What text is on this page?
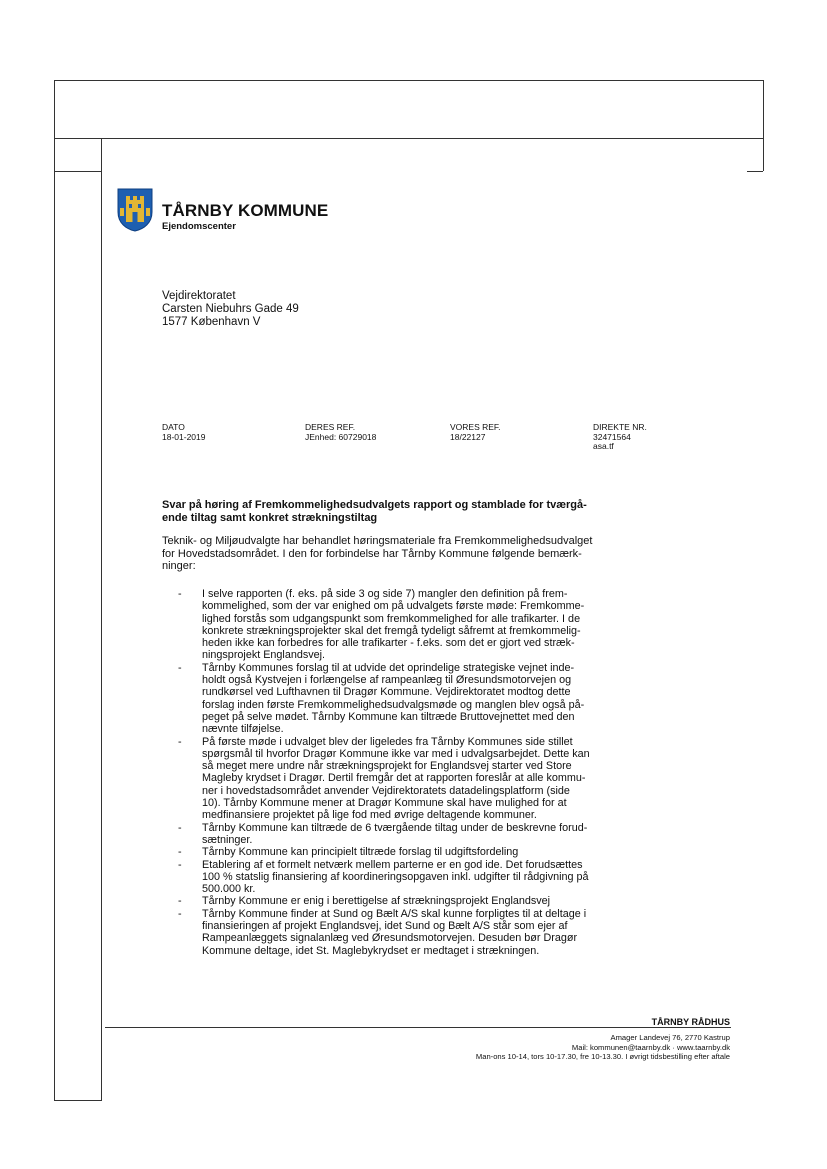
TÅRNBY KOMMUNE
Ejendomscenter
Vejdirektoratet
Carsten Niebuhrs Gade 49
1577 København V
DATO
18-01-2019
DERES REF.
JEnhed: 60729018
VORES REF.
18/22127
DIREKTE NR.
32471564
asa.tf
Svar på høring af Fremkommelighedsudvalgets rapport og stamblade for tværgå-
ende tiltag samt konkret strækningstiltag
Teknik- og Miljøudvalgte har behandlet høringsmateriale fra Fremkommelighedsudvalget
for Hovedstadsområdet. I den for forbindelse har Tårnby Kommune følgende bemærk-
ninger:
- I selve rapporten (f. eks. på side 3 og side 7) mangler den definition på frem-
kommelighed, som der var enighed om på udvalgets første møde: Fremkomme-
lighed forstås som udgangspunkt som fremkommelighed for alle trafikarter. I de
konkrete strækningsprojekter skal det fremgå tydeligt såfremt at fremkommelig-
heden ikke kan forbedres for alle trafikarter - f.eks. som det er gjort ved stræk-
ningsprojekt Englandsvej.
- Tårnby Kommunes forslag til at udvide det oprindelige strategiske vejnet inde-
holdt også Kystvejen i forlængelse af rampeanlæg til Øresundsmotorvejen og
rundkørsel ved Lufthavnen til Dragør Kommune. Vejdirektoratet modtog dette
forslag inden første Fremkommelighedsudvalgsmøde og manglen blev også på-
peget på selve mødet. Tårnby Kommune kan tiltræde Bruttovejnettet med den
nævnte tilføjelse.
- På første møde i udvalget blev der ligeledes fra Tårnby Kommunes side stillet
spørgsmål til hvorfor Dragør Kommune ikke var med i udvalgsarbejdet. Dette kan
så meget mere undre når strækningsprojekt for Englandsvej starter ved Store
Magleby krydset i Dragør. Dertil fremgår det at rapporten foreslår at alle kommu-
ner i hovedstadsområdet anvender Vejdirektoratets datadelingsplatform (side
10). Tårnby Kommune mener at Dragør Kommune skal have mulighed for at
medfinansiere projektet på lige fod med øvrige deltagende kommuner.
- Tårnby Kommune kan tiltræde de 6 tværgående tiltag under de beskrevne forud-
sætninger.
- Tårnby Kommune kan principielt tiltræde forslag til udgiftsfordeling
- Etablering af et formelt netværk mellem parterne er en god ide. Det forudsættes
100 % statslig finansiering af koordineringsopgaven inkl. udgifter til rådgivning på
500.000 kr.
- Tårnby Kommune er enig i berettigelse af strækningsprojekt Englandsvej
- Tårnby Kommune finder at Sund og Bælt A/S skal kunne forpligtes til at deltage i
finansieringen af projekt Englandsvej, idet Sund og Bælt A/S står som ejer af
Rampeanlæggets signalanlæg ved Øresundsmotorvejen. Desuden bør Dragør
Kommune deltage, idet St. Maglebykrydset er medtaget i strækningen.
TÅRNBY RÅDHUS
Amager Landevej 76, 2770 Kastrup
Mail: kommunen@taarnby.dk · www.taarnby.dk
Man-ons 10-14, tors 10-17.30, fre 10-13.30. I øvrigt tidsbestilling efter aftale
